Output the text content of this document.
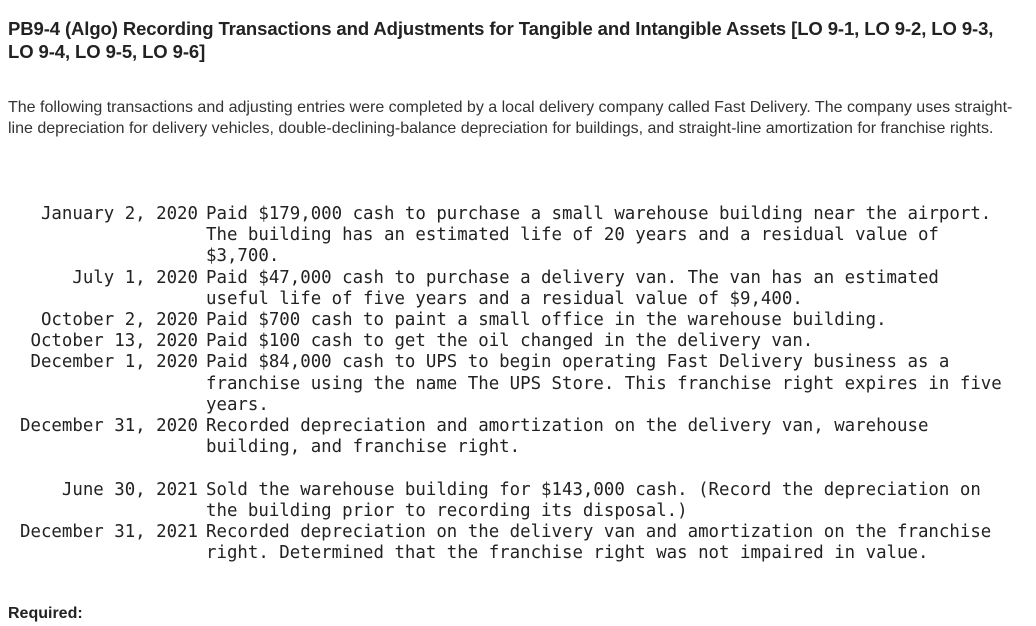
PB9-4 (Algo) Recording Transactions and Adjustments for Tangible and Intangible Assets [LO 9-1, LO 9-2, LO 9-3, LO 9-4, LO 9-5, LO 9-6]
The following transactions and adjusting entries were completed by a local delivery company called Fast Delivery. The company uses straight-line depreciation for delivery vehicles, double-declining-balance depreciation for buildings, and straight-line amortization for franchise rights.
January 2, 2020 Paid $179,000 cash to purchase a small warehouse building near the airport. The building has an estimated life of 20 years and a residual value of $3,700.
July 1, 2020 Paid $47,000 cash to purchase a delivery van. The van has an estimated useful life of five years and a residual value of $9,400.
October 2, 2020 Paid $700 cash to paint a small office in the warehouse building.
October 13, 2020 Paid $100 cash to get the oil changed in the delivery van.
December 1, 2020 Paid $84,000 cash to UPS to begin operating Fast Delivery business as a franchise using the name The UPS Store. This franchise right expires in five years.
December 31, 2020 Recorded depreciation and amortization on the delivery van, warehouse building, and franchise right.
June 30, 2021 Sold the warehouse building for $143,000 cash. (Record the depreciation on the building prior to recording its disposal.)
December 31, 2021 Recorded depreciation on the delivery van and amortization on the franchise right. Determined that the franchise right was not impaired in value.
Required:
